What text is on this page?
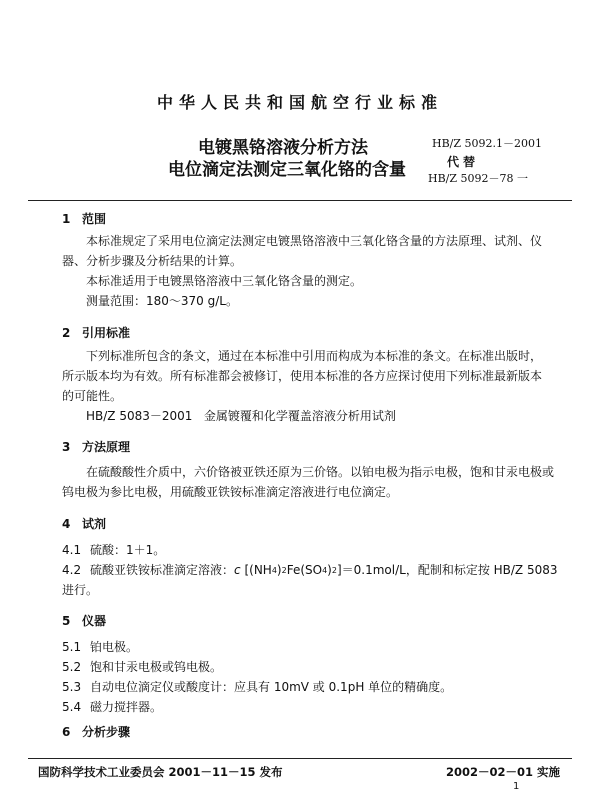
中华人民共和国航空行业标准
电镀黑铬溶液分析方法
电位滴定法测定三氧化铬的含量
HB/Z 5092.1－2001
代替
HB/Z 5092－78 一
1 范围
本标准规定了采用电位滴定法测定电镀黑铬溶液中三氧化铬含量的方法原理、试剂、仪器、分析步骤及分析结果的计算。
本标准适用于电镀黑铬溶液中三氧化铬含量的测定。
测量范围：180～370 g/L。
2 引用标准
下列标准所包含的条文，通过在本标准中引用而构成为本标准的条文。在标准出版时，所示版本均为有效。所有标准都会被修订，使用本标准的各方应探讨使用下列标准最新版本的可能性。
HB/Z 5083－2001 金属镀覆和化学覆盖溶液分析用试剂
3 方法原理
在硫酸酸性介质中，六价铬被亚铁还原为三价铬。以铂电极为指示电极，饱和甘汞电极或钨电极为参比电极，用硫酸亚铁铵标准滴定溶液进行电位滴定。
4 试剂
4.1 硫酸：1＋1。
4.2 硫酸亚铁铵标准滴定溶液：c [(NH4)2Fe(SO4)2]＝0.1mol/L，配制和标定按 HB/Z 5083
进行。
5 仪器
5.1 铂电极。
5.2 饱和甘汞电极或钨电极。
5.3 自动电位滴定仪或酸度计：应具有 10mV 或 0.1pH 单位的精确度。
5.4 磁力搅拌器。
6 分析步骤
国防科学技术工业委员会 2001－11－15 发布	2002－02－01 实施
1
